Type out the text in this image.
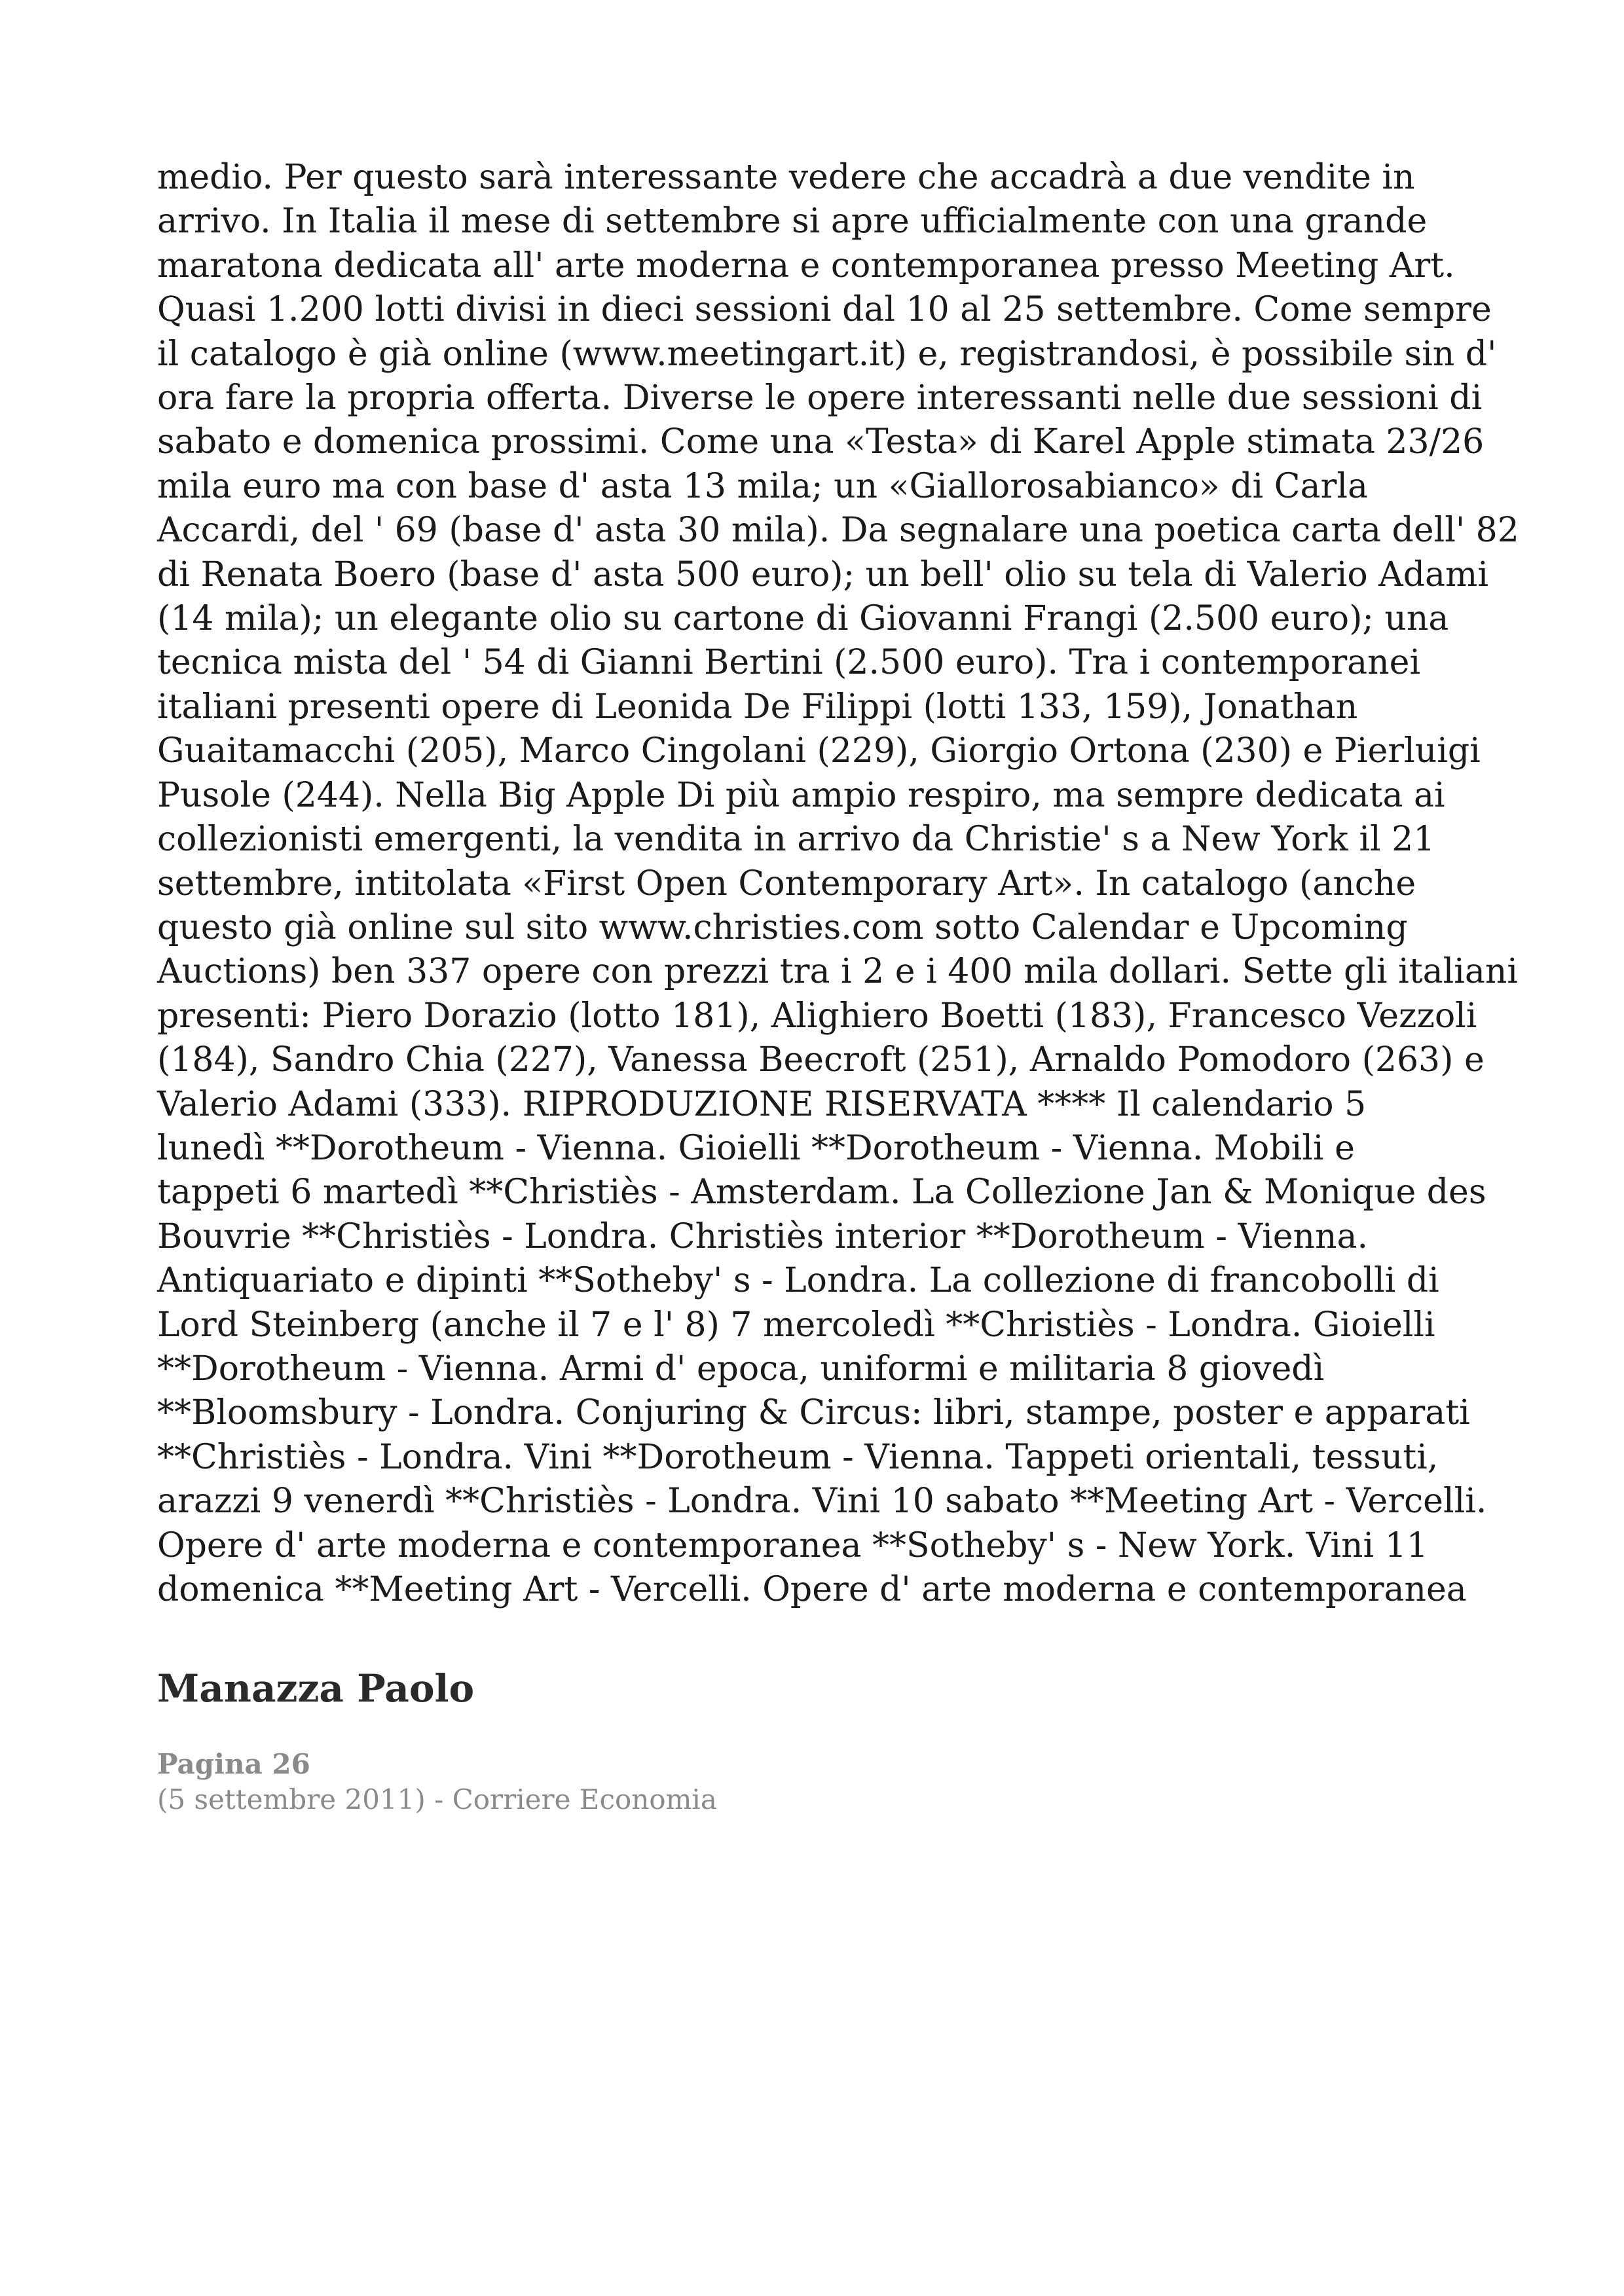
medio. Per questo sarà interessante vedere che accadrà a due vendite in
arrivo. In Italia il mese di settembre si apre ufficialmente con una grande
maratona dedicata all' arte moderna e contemporanea presso Meeting Art.
Quasi 1.200 lotti divisi in dieci sessioni dal 10 al 25 settembre. Come sempre
il catalogo è già online (www.meetingart.it) e, registrandosi, è possibile sin d'
ora fare la propria offerta. Diverse le opere interessanti nelle due sessioni di
sabato e domenica prossimi. Come una «Testa» di Karel Apple stimata 23/26
mila euro ma con base d' asta 13 mila; un «Giallorosabianco» di Carla
Accardi, del ' 69 (base d' asta 30 mila). Da segnalare una poetica carta dell' 82
di Renata Boero (base d' asta 500 euro); un bell' olio su tela di Valerio Adami
(14 mila); un elegante olio su cartone di Giovanni Frangi (2.500 euro); una
tecnica mista del ' 54 di Gianni Bertini (2.500 euro). Tra i contemporanei
italiani presenti opere di Leonida De Filippi (lotti 133, 159), Jonathan
Guaitamacchi (205), Marco Cingolani (229), Giorgio Ortona (230) e Pierluigi
Pusole (244). Nella Big Apple Di più ampio respiro, ma sempre dedicata ai
collezionisti emergenti, la vendita in arrivo da Christie' s a New York il 21
settembre, intitolata «First Open Contemporary Art». In catalogo (anche
questo già online sul sito www.christies.com sotto Calendar e Upcoming
Auctions) ben 337 opere con prezzi tra i 2 e i 400 mila dollari. Sette gli italiani
presenti: Piero Dorazio (lotto 181), Alighiero Boetti (183), Francesco Vezzoli
(184), Sandro Chia (227), Vanessa Beecroft (251), Arnaldo Pomodoro (263) e
Valerio Adami (333). RIPRODUZIONE RISERVATA **** Il calendario 5
lunedì **Dorotheum - Vienna. Gioielli **Dorotheum - Vienna. Mobili e
tappeti 6 martedì **Christiès - Amsterdam. La Collezione Jan & Monique des
Bouvrie **Christiès - Londra. Christiès interior **Dorotheum - Vienna.
Antiquariato e dipinti **Sotheby' s - Londra. La collezione di francobolli di
Lord Steinberg (anche il 7 e l' 8) 7 mercoledì **Christiès - Londra. Gioielli
**Dorotheum - Vienna. Armi d' epoca, uniformi e militaria 8 giovedì
**Bloomsbury - Londra. Conjuring & Circus: libri, stampe, poster e apparati
**Christiès - Londra. Vini **Dorotheum - Vienna. Tappeti orientali, tessuti,
arazzi 9 venerdì **Christiès - Londra. Vini 10 sabato **Meeting Art - Vercelli.
Opere d' arte moderna e contemporanea **Sotheby' s - New York. Vini 11
domenica **Meeting Art - Vercelli. Opere d' arte moderna e contemporanea

Manazza Paolo

Pagina 26

(5 settembre 2011) - Corriere Economia
